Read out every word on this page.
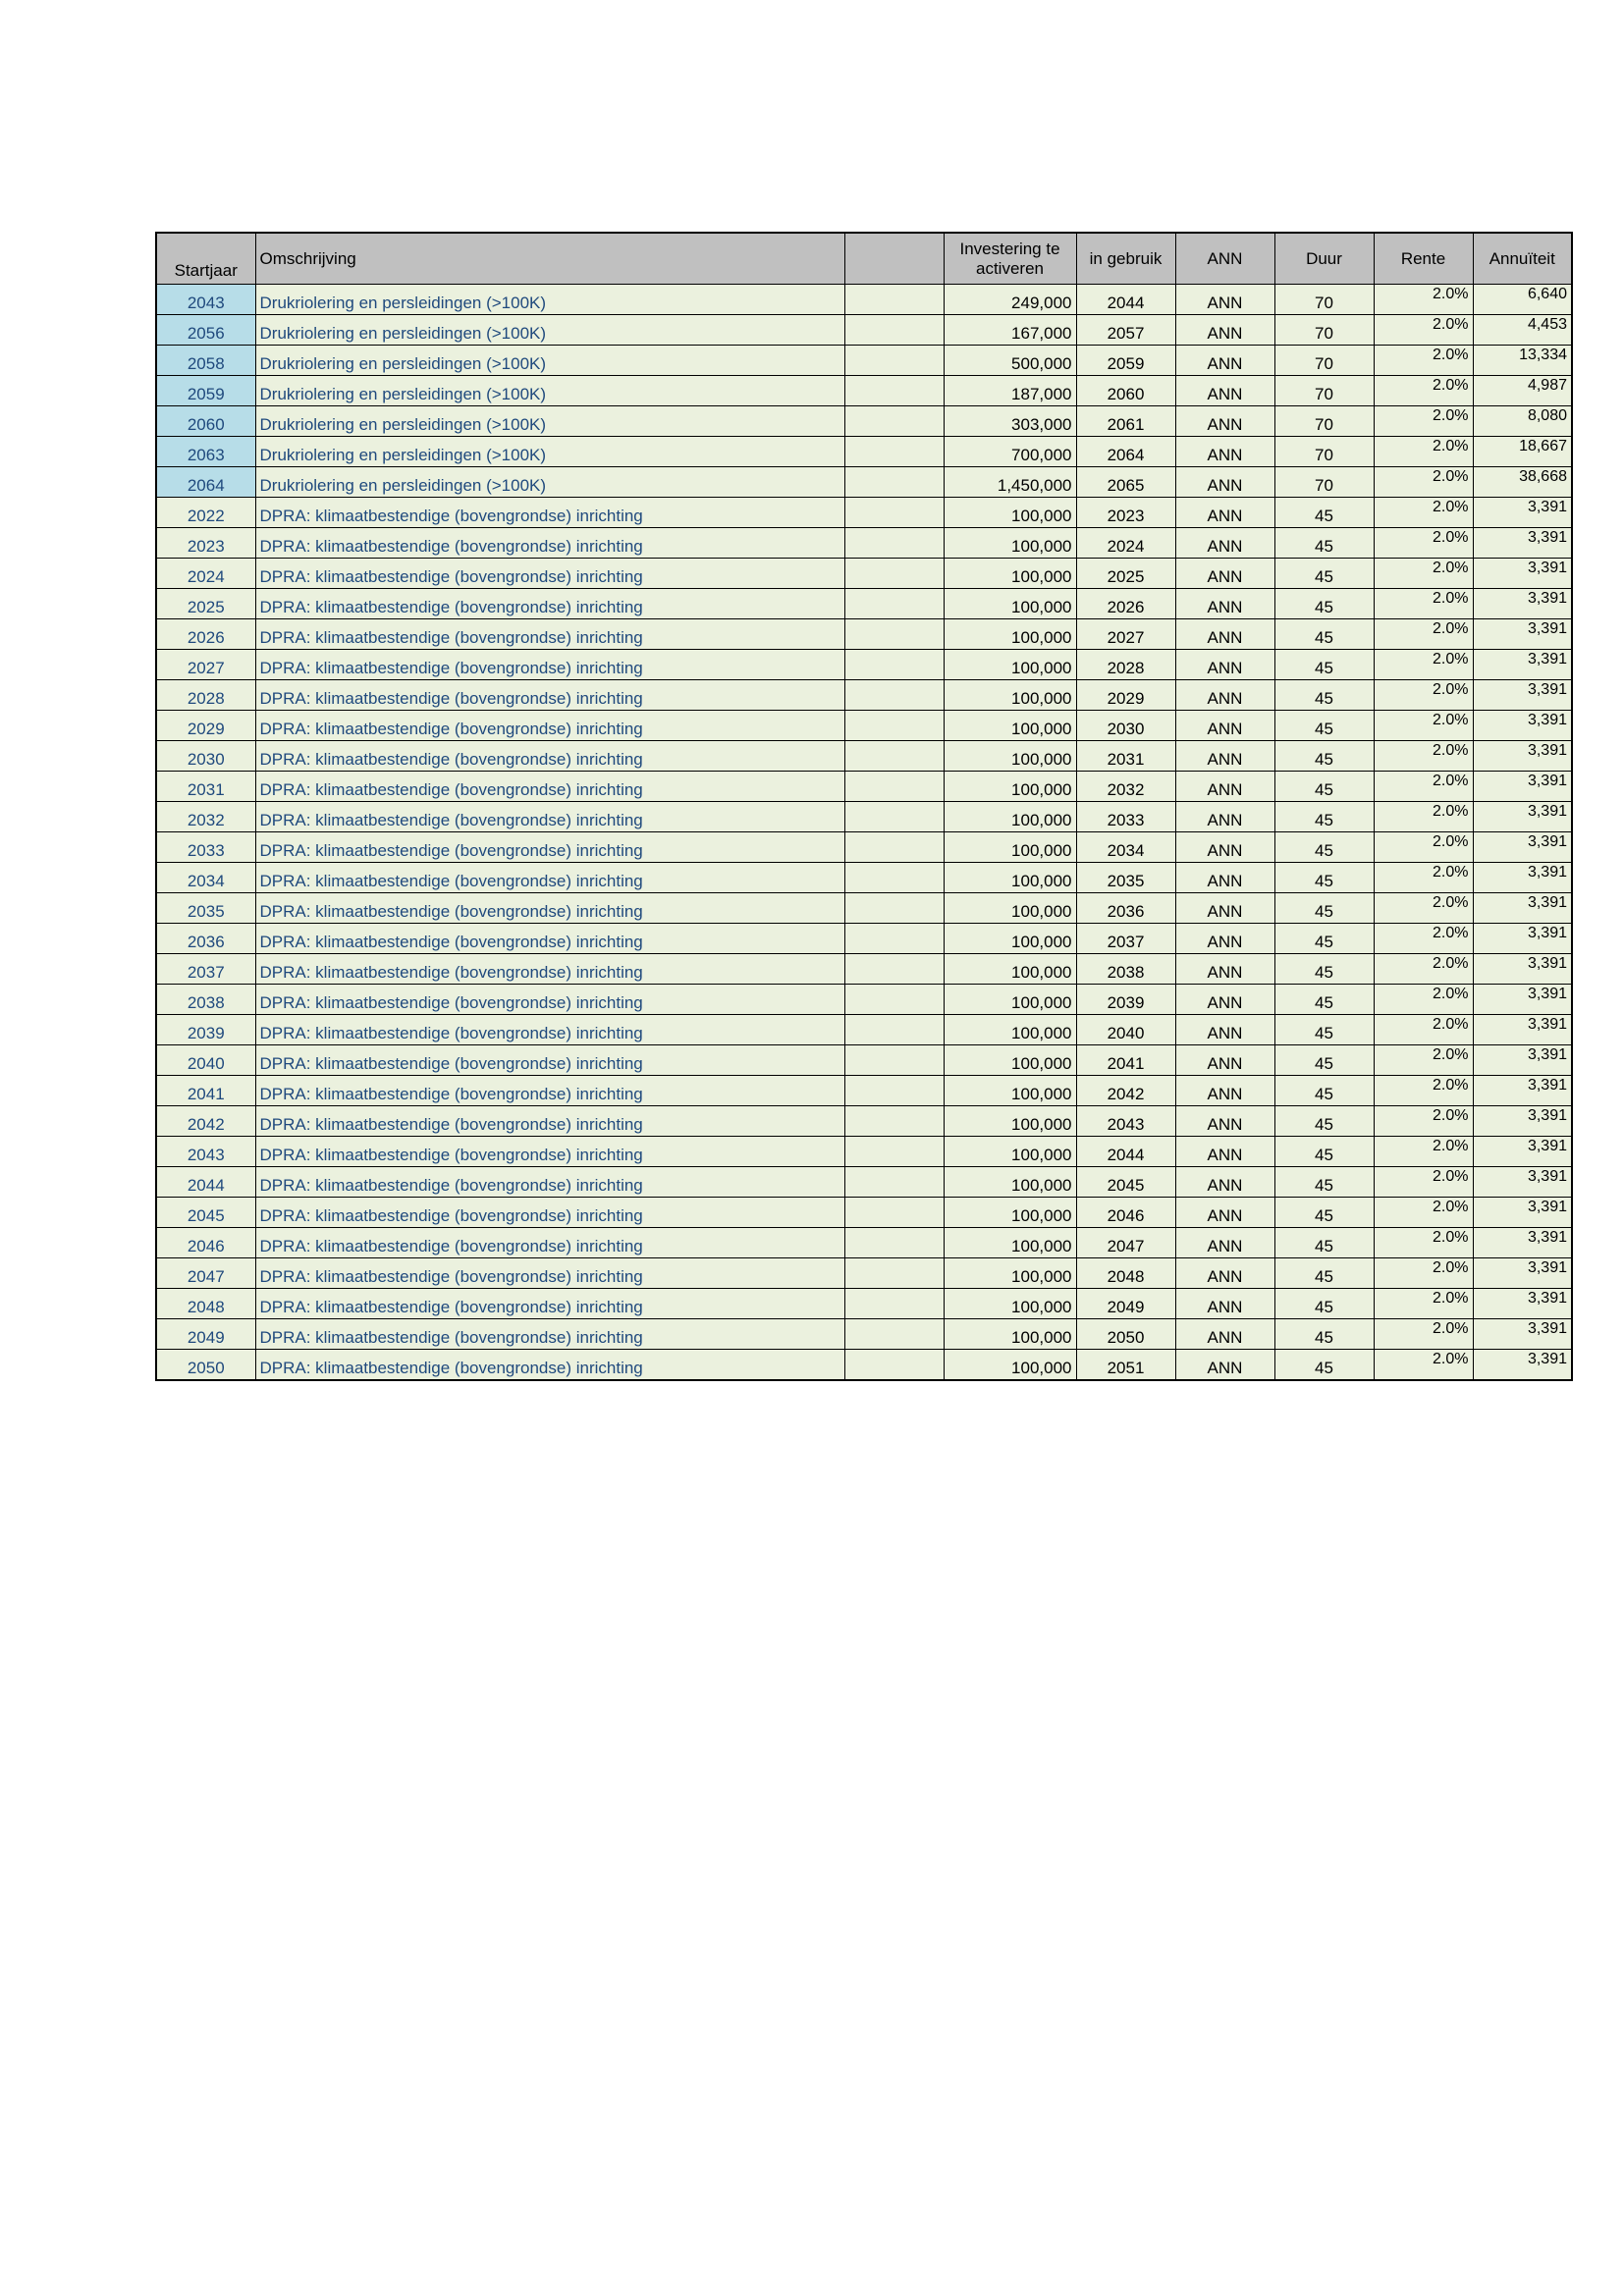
Startjaar	Omschrijving		Investering te activeren	in gebruik	ANN	Duur	Rente	Annuïteit
2043	Drukriolering en persleidingen (>100K)		249,000	2044	ANN	70	2.0%	6,640
2056	Drukriolering en persleidingen (>100K)		167,000	2057	ANN	70	2.0%	4,453
2058	Drukriolering en persleidingen (>100K)		500,000	2059	ANN	70	2.0%	13,334
2059	Drukriolering en persleidingen (>100K)		187,000	2060	ANN	70	2.0%	4,987
2060	Drukriolering en persleidingen (>100K)		303,000	2061	ANN	70	2.0%	8,080
2063	Drukriolering en persleidingen (>100K)		700,000	2064	ANN	70	2.0%	18,667
2064	Drukriolering en persleidingen (>100K)		1,450,000	2065	ANN	70	2.0%	38,668
2022	DPRA: klimaatbestendige (bovengrondse) inrichting		100,000	2023	ANN	45	2.0%	3,391
2023	DPRA: klimaatbestendige (bovengrondse) inrichting		100,000	2024	ANN	45	2.0%	3,391
2024	DPRA: klimaatbestendige (bovengrondse) inrichting		100,000	2025	ANN	45	2.0%	3,391
2025	DPRA: klimaatbestendige (bovengrondse) inrichting		100,000	2026	ANN	45	2.0%	3,391
2026	DPRA: klimaatbestendige (bovengrondse) inrichting		100,000	2027	ANN	45	2.0%	3,391
2027	DPRA: klimaatbestendige (bovengrondse) inrichting		100,000	2028	ANN	45	2.0%	3,391
2028	DPRA: klimaatbestendige (bovengrondse) inrichting		100,000	2029	ANN	45	2.0%	3,391
2029	DPRA: klimaatbestendige (bovengrondse) inrichting		100,000	2030	ANN	45	2.0%	3,391
2030	DPRA: klimaatbestendige (bovengrondse) inrichting		100,000	2031	ANN	45	2.0%	3,391
2031	DPRA: klimaatbestendige (bovengrondse) inrichting		100,000	2032	ANN	45	2.0%	3,391
2032	DPRA: klimaatbestendige (bovengrondse) inrichting		100,000	2033	ANN	45	2.0%	3,391
2033	DPRA: klimaatbestendige (bovengrondse) inrichting		100,000	2034	ANN	45	2.0%	3,391
2034	DPRA: klimaatbestendige (bovengrondse) inrichting		100,000	2035	ANN	45	2.0%	3,391
2035	DPRA: klimaatbestendige (bovengrondse) inrichting		100,000	2036	ANN	45	2.0%	3,391
2036	DPRA: klimaatbestendige (bovengrondse) inrichting		100,000	2037	ANN	45	2.0%	3,391
2037	DPRA: klimaatbestendige (bovengrondse) inrichting		100,000	2038	ANN	45	2.0%	3,391
2038	DPRA: klimaatbestendige (bovengrondse) inrichting		100,000	2039	ANN	45	2.0%	3,391
2039	DPRA: klimaatbestendige (bovengrondse) inrichting		100,000	2040	ANN	45	2.0%	3,391
2040	DPRA: klimaatbestendige (bovengrondse) inrichting		100,000	2041	ANN	45	2.0%	3,391
2041	DPRA: klimaatbestendige (bovengrondse) inrichting		100,000	2042	ANN	45	2.0%	3,391
2042	DPRA: klimaatbestendige (bovengrondse) inrichting		100,000	2043	ANN	45	2.0%	3,391
2043	DPRA: klimaatbestendige (bovengrondse) inrichting		100,000	2044	ANN	45	2.0%	3,391
2044	DPRA: klimaatbestendige (bovengrondse) inrichting		100,000	2045	ANN	45	2.0%	3,391
2045	DPRA: klimaatbestendige (bovengrondse) inrichting		100,000	2046	ANN	45	2.0%	3,391
2046	DPRA: klimaatbestendige (bovengrondse) inrichting		100,000	2047	ANN	45	2.0%	3,391
2047	DPRA: klimaatbestendige (bovengrondse) inrichting		100,000	2048	ANN	45	2.0%	3,391
2048	DPRA: klimaatbestendige (bovengrondse) inrichting		100,000	2049	ANN	45	2.0%	3,391
2049	DPRA: klimaatbestendige (bovengrondse) inrichting		100,000	2050	ANN	45	2.0%	3,391
2050	DPRA: klimaatbestendige (bovengrondse) inrichting		100,000	2051	ANN	45	2.0%	3,391
